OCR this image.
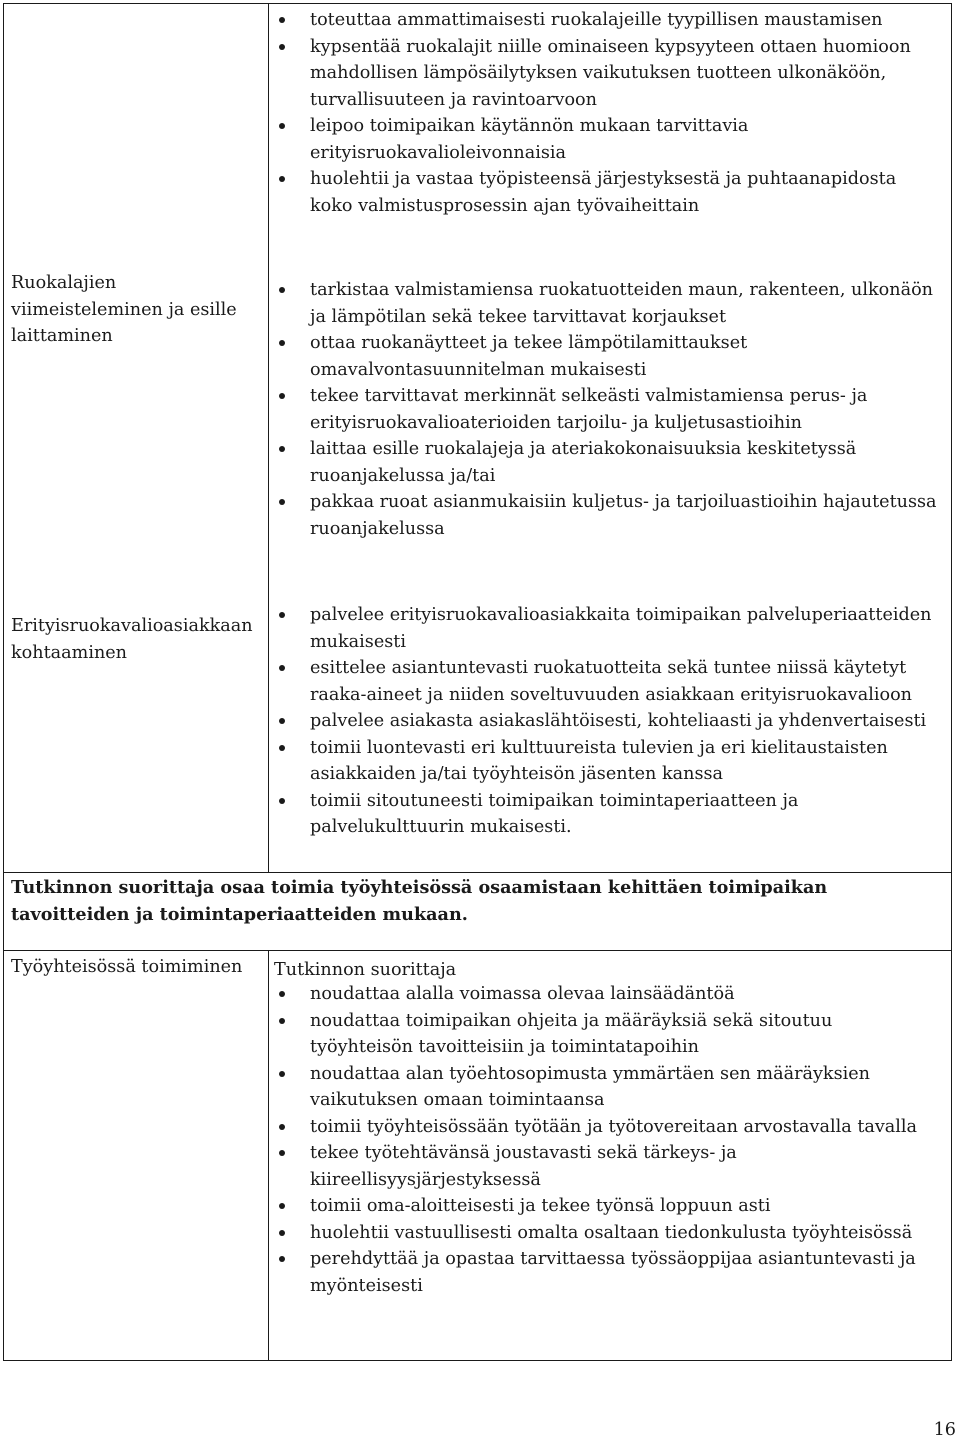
toteuttaa ammattimaisesti ruokalajeille tyypillisen maustamisen
kypsentää ruokalajit niille ominaiseen kypsyyteen ottaen huomioon mahdollisen lämpösäilytyksen vaikutuksen tuotteen ulkonäköön, turvallisuuteen ja ravintoarvoon
leipoo toimipaikan käytännön mukaan tarvittavia erityisruokavalioleivonnaisia
huolehtii ja vastaa työpisteensä järjestyksestä ja puhtaanapidosta koko valmistusprosessin ajan työvaiheittain
Ruokalajien
viimeisteleminen ja esille
laittaminen
tarkistaa valmistamiensa ruokatuotteiden maun, rakenteen, ulkonäön ja lämpötilan sekä tekee tarvittavat korjaukset
ottaa ruokanäytteet ja tekee lämpötilamittaukset omavalvontasuunnitelman mukaisesti
tekee tarvittavat merkinnät selkeästi valmistamiensa perus- ja erityisruokavalioaterioiden tarjoilu- ja kuljetusastioihin
laittaa esille ruokalajeja ja ateriakokonaisuuksia keskitetyssä ruoanjakelussa ja/tai
pakkaa ruoat asianmukaisiin kuljetus- ja tarjoiluastioihin hajautetussa ruoanjakelussa
Erityisruokavalioasiakkaan
kohtaaminen
palvelee erityisruokavalioasiakkaita toimipaikan palveluperiaatteiden mukaisesti
esittelee asiantuntevasti ruokatuotteita sekä tuntee niissä käytetyt raaka-aineet ja niiden soveltuvuuden asiakkaan erityisruokavalioon
palvelee asiakasta asiakaslähtöisesti, kohteliaasti ja yhdenvertaisesti
toimii luontevasti eri kulttuureista tulevien ja eri kielitaustaisten asiakkaiden ja/tai työyhteisön jäsenten kanssa
toimii sitoutuneesti toimipaikan toimintaperiaatteen ja palvelukulttuurin mukaisesti.
Tutkinnon suorittaja osaa toimia työyhteisössä osaamistaan kehittäen toimipaikan tavoitteiden ja toimintaperiaatteiden mukaan.
Työyhteisössä toimiminen	Tutkinnon suorittaja
noudattaa alalla voimassa olevaa lainsäädäntöä
noudattaa toimipaikan ohjeita ja määräyksiä sekä sitoutuu työyhteisön tavoitteisiin ja toimintatapoihin
noudattaa alan työehtosopimusta ymmärtäen sen määräyksien vaikutuksen omaan toimintaansa
toimii työyhteisössään työtään ja työtovereitaan arvostavalla tavalla
tekee työtehtävänsä joustavasti sekä tärkeys- ja kiireellisyysjärjestyksessä
toimii oma-aloitteisesti ja tekee työnsä loppuun asti
huolehtii vastuullisesti omalta osaltaan tiedonkulusta työyhteisössä
perehdyttää ja opastaa tarvittaessa työssäoppijaa asiantuntevasti ja myönteisesti
16
